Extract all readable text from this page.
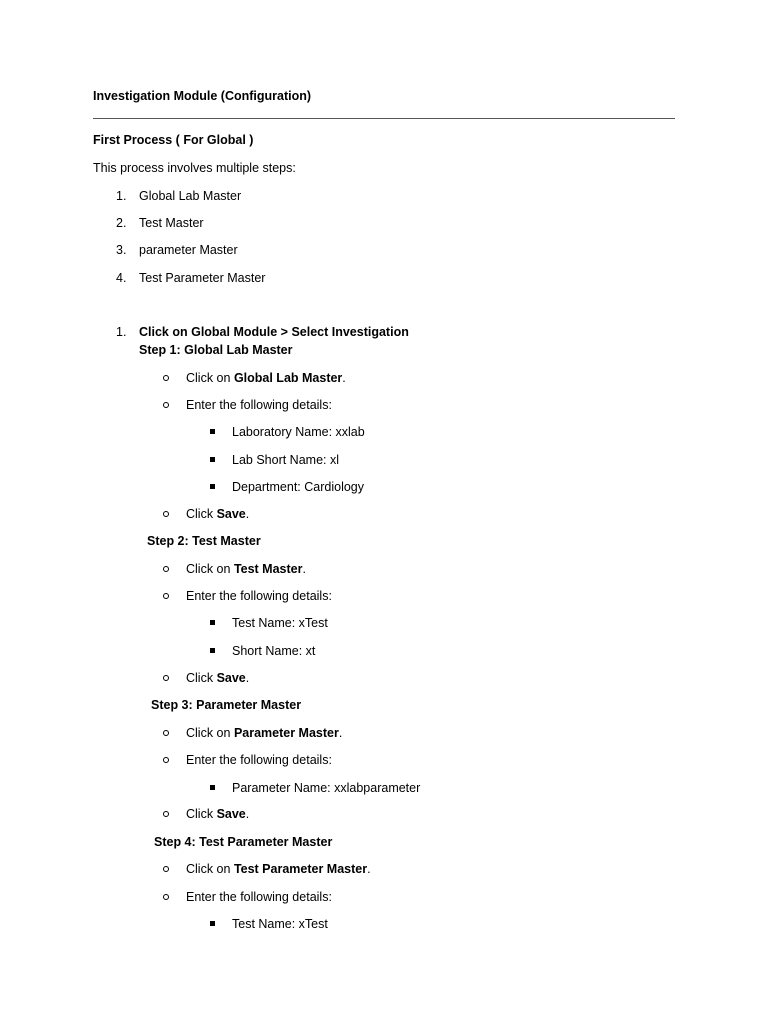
Investigation Module (Configuration)
First Process ( For Global )
This process involves multiple steps:
1. Global Lab Master
2. Test Master
3. parameter Master
4. Test Parameter Master
1. Click on Global Module > Select Investigation
Step 1: Global Lab Master
Click on Global Lab Master.
Enter the following details:
Laboratory Name: xxlab
Lab Short Name: xl
Department: Cardiology
Click Save.
Step 2: Test Master
Click on Test Master.
Enter the following details:
Test Name: xTest
Short Name: xt
Click Save.
Step 3: Parameter Master
Click on Parameter Master.
Enter the following details:
Parameter Name: xxlabparameter
Click Save.
Step 4: Test Parameter Master
Click on Test Parameter Master.
Enter the following details:
Test Name: xTest
